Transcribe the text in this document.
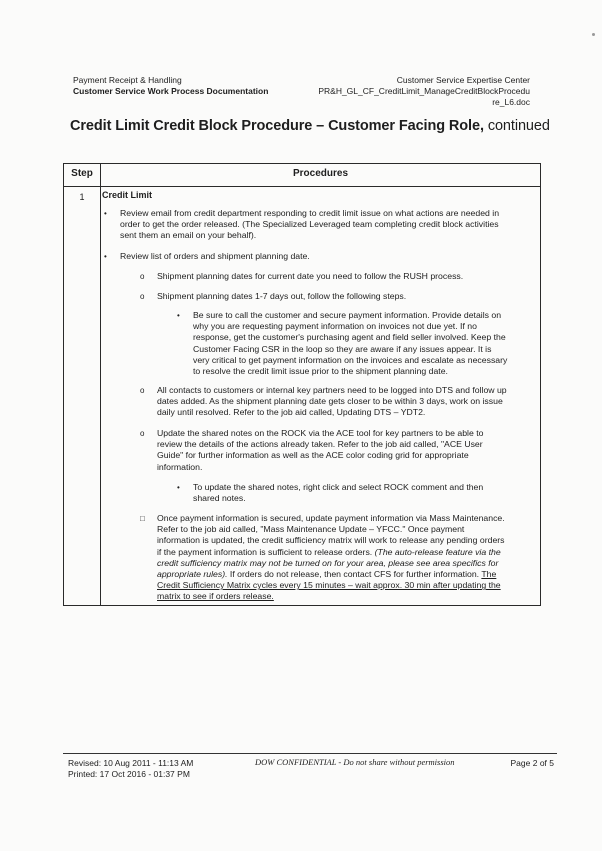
Payment Receipt & Handling
Customer Service Work Process Documentation
Customer Service Expertise Center
PR&H_GL_CF_CreditLimit_ManageCreditBlockProcedu
re_L6.doc
Credit Limit Credit Block Procedure – Customer Facing Role, continued
Step	Procedures
1	Credit Limit
• Review email from credit department responding to credit limit issue on what actions are needed in
order to get the order released. (The Specialized Leveraged team completing credit block activities
sent them an email on your behalf).
• Review list of orders and shipment planning date.
o Shipment planning dates for current date you need to follow the RUSH process.
o Shipment planning dates 1-7 days out, follow the following steps.
• Be sure to call the customer and secure payment information. Provide details on
why you are requesting payment information on invoices not due yet. If no
response, get the customer's purchasing agent and field seller involved. Keep the
Customer Facing CSR in the loop so they are aware if any issues appear. It is
very critical to get payment information on the invoices and escalate as necessary
to resolve the credit limit issue prior to the shipment planning date.
o All contacts to customers or internal key partners need to be logged into DTS and follow up
dates added. As the shipment planning date gets closer to be within 3 days, work on issue
daily until resolved. Refer to the job aid called, Updating DTS – YDT2.
o Update the shared notes on the ROCK via the ACE tool for key partners to be able to
review the details of the actions already taken. Refer to the job aid called, "ACE User
Guide" for further information as well as the ACE color coding grid for appropriate
information.
• To update the shared notes, right click and select ROCK comment and then
shared notes.
□ Once payment information is secured, update payment information via Mass Maintenance.
Refer to the job aid called, "Mass Maintenance Update – YFCC." Once payment
information is updated, the credit sufficiency matrix will work to release any pending orders
if the payment information is sufficient to release orders. (The auto-release feature via the
credit sufficiency matrix may not be turned on for your area, please see area specifics for
appropriate rules). If orders do not release, then contact CFS for further information. The
Credit Sufficiency Matrix cycles every 15 minutes – wait approx. 30 min after updating the
matrix to see if orders release.
Revised: 10 Aug 2011 - 11:13 AM
Printed: 17 Oct 2016 - 01:37 PM
DOW CONFIDENTIAL - Do not share without permission	Page 2 of 5
